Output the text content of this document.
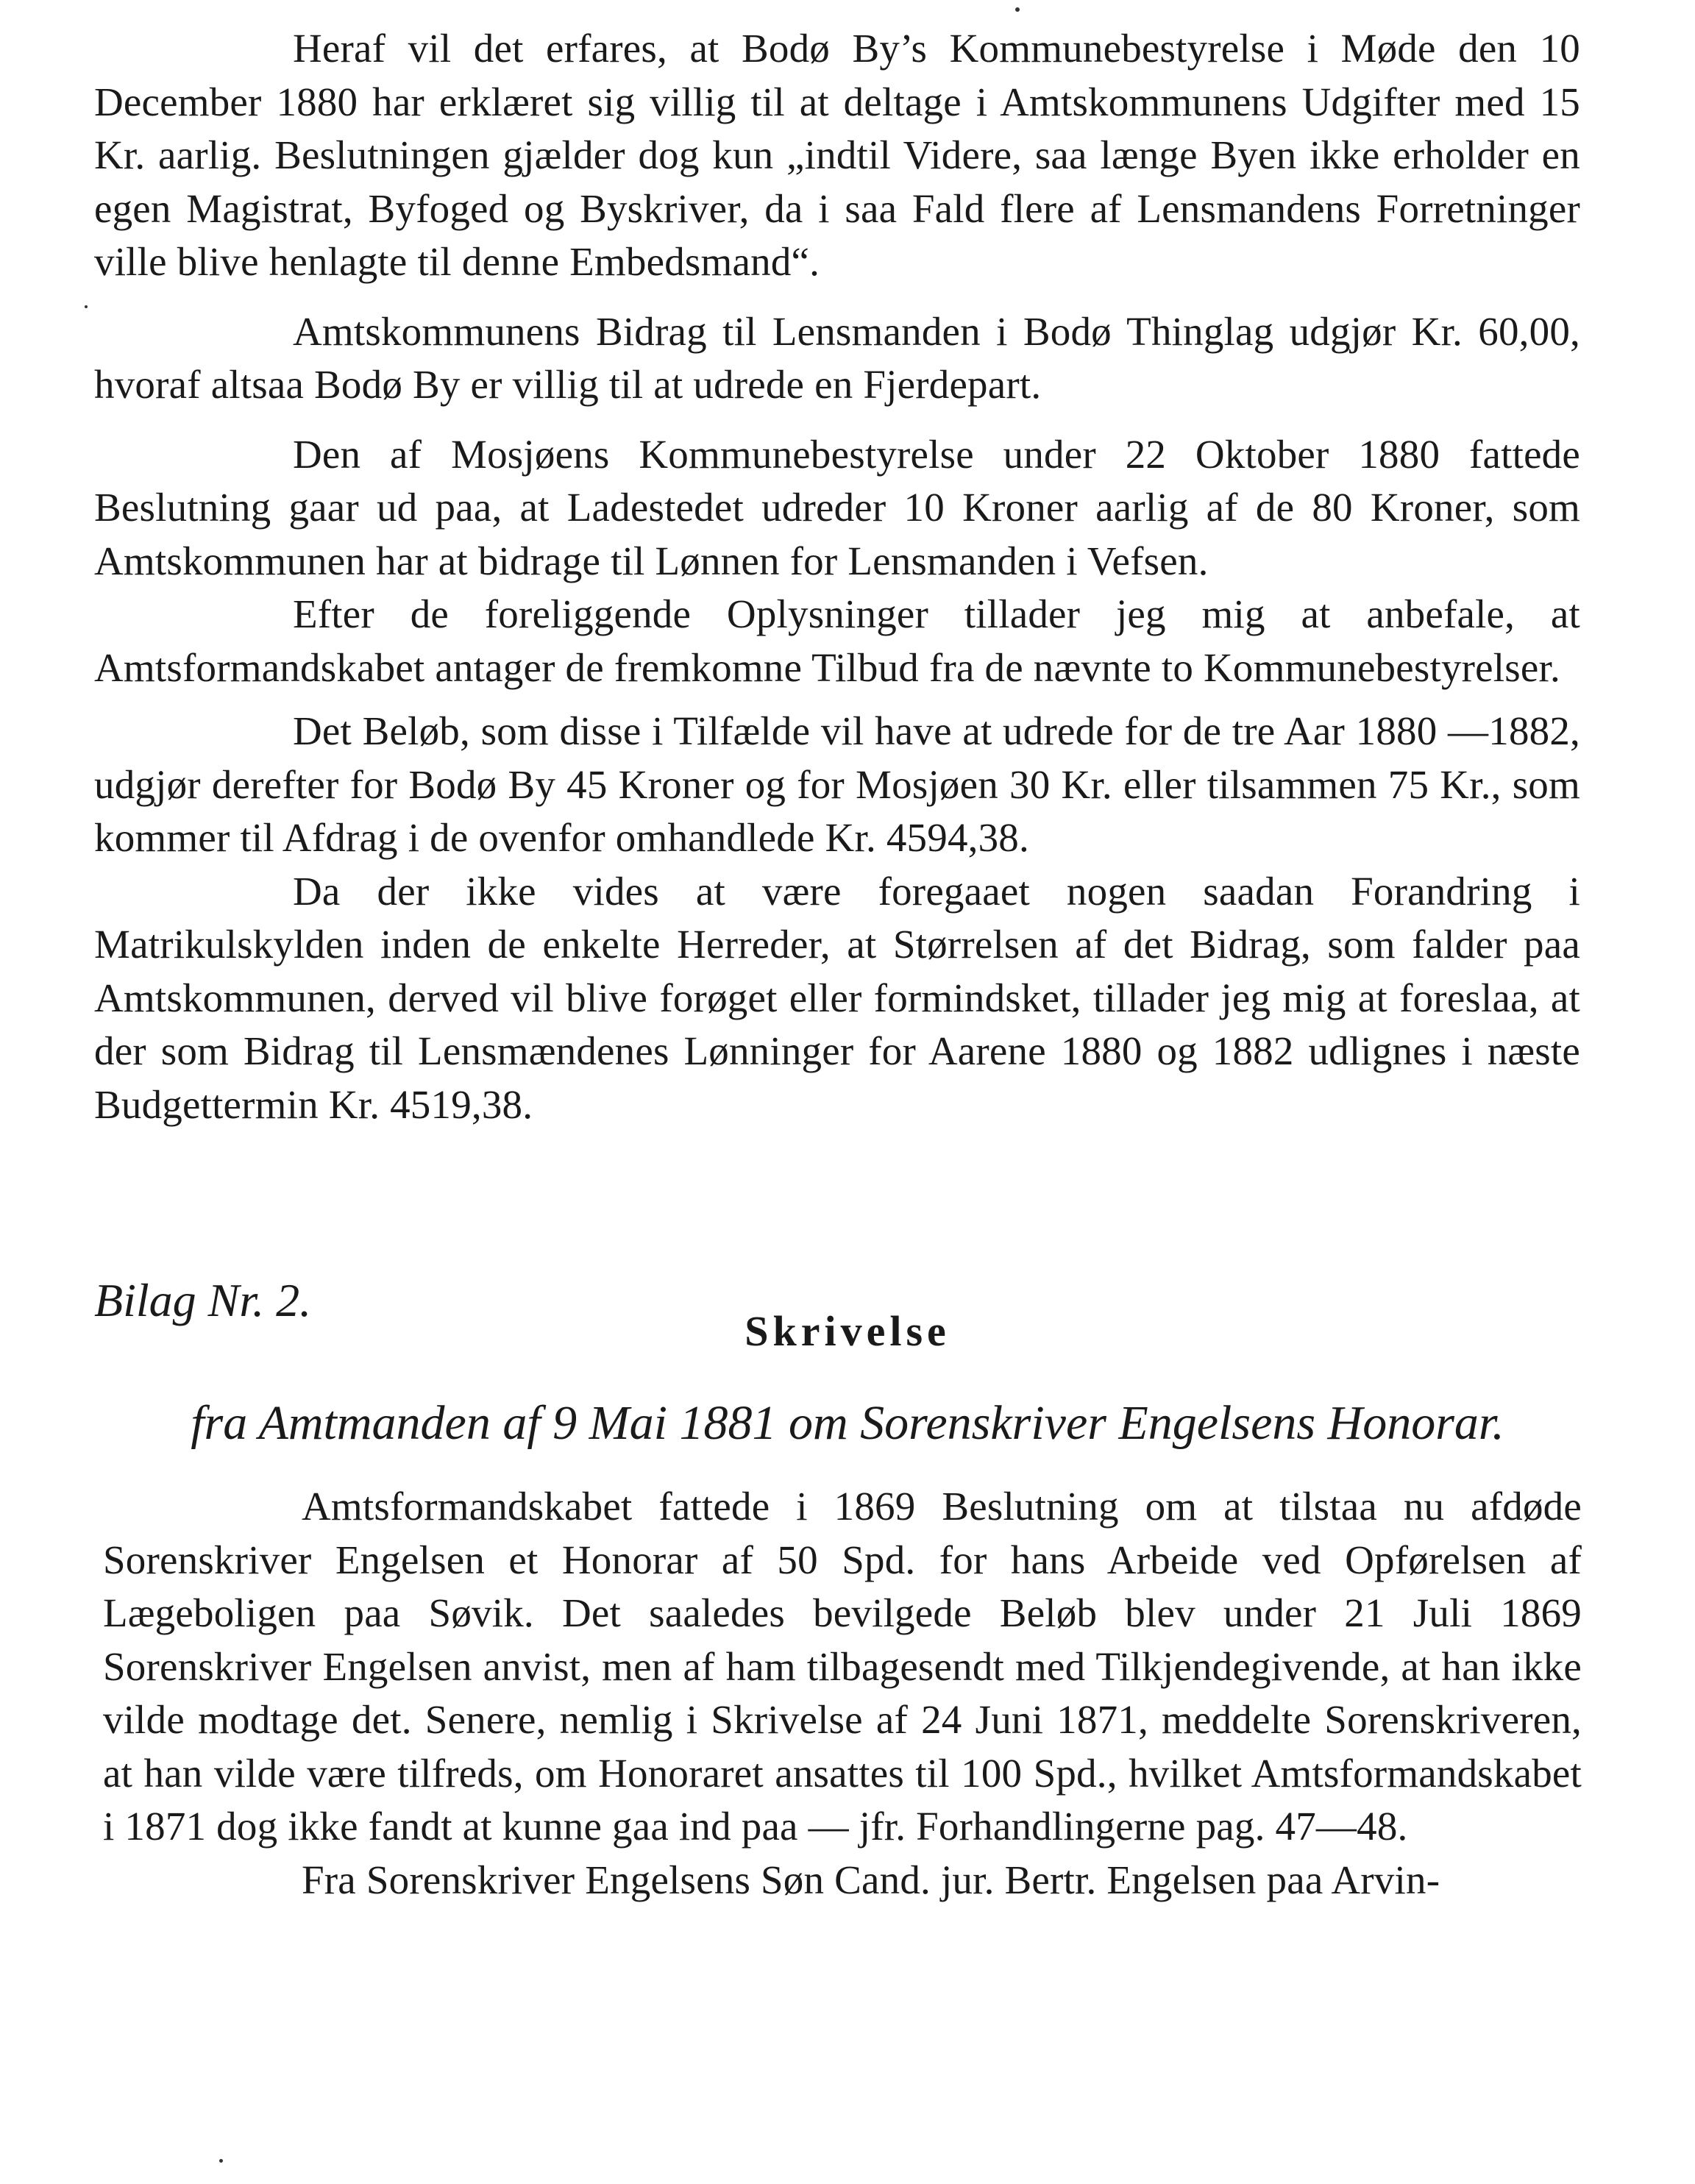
Heraf vil det erfares, at Bodø By’s Kommunebestyrelse i Møde den 10 December 1880 har erklæret sig villig til at deltage i Amtskommunens Udgifter med 15 Kr. aarlig. Beslutningen gjælder dog kun „indtil Videre, saa længe Byen ikke erholder en egen Magistrat, Byfoged og Byskriver, da i saa Fald flere af Lensmandens Forretninger ville blive henlagte til denne Embedsmand“.

Amtskommunens Bidrag til Lensmanden i Bodø Thinglag udgjør Kr. 60,00, hvoraf altsaa Bodø By er villig til at udrede en Fjerdepart.

Den af Mosjøens Kommunebestyrelse under 22 Oktober 1880 fattede Beslutning gaar ud paa, at Ladestedet udreder 10 Kroner aarlig af de 80 Kroner, som Amtskommunen har at bidrage til Lønnen for Lensmanden i Vefsen.

Efter de foreliggende Oplysninger tillader jeg mig at anbefale, at Amtsformandskabet antager de fremkomne Tilbud fra de nævnte to Kommunebestyrelser.

Det Beløb, som disse i Tilfælde vil have at udrede for de tre Aar 1880 —1882, udgjør derefter for Bodø By 45 Kroner og for Mosjøen 30 Kr. eller tilsammen 75 Kr., som kommer til Afdrag i de ovenfor omhandlede Kr. 4594,38.

Da der ikke vides at være foregaaet nogen saadan Forandring i Matrikulskylden inden de enkelte Herreder, at Størrelsen af det Bidrag, som falder paa Amtskommunen, derved vil blive forøget eller formindsket, tillader jeg mig at foreslaa, at der som Bidrag til Lensmændenes Lønninger for Aarene 1880 og 1882 udlignes i næste Budgettermin Kr. 4519,38.

Bilag Nr. 2.

Skrivelse

fra Amtmanden af 9 Mai 1881 om Sorenskriver Engelsens Honorar.

Amtsformandskabet fattede i 1869 Beslutning om at tilstaa nu afdøde Sorenskriver Engelsen et Honorar af 50 Spd. for hans Arbeide ved Opførelsen af Lægeboligen paa Søvik. Det saaledes bevilgede Beløb blev under 21 Juli 1869 Sorenskriver Engelsen anvist, men af ham tilbagesendt med Tilkjendegivende, at han ikke vilde modtage det. Senere, nemlig i Skrivelse af 24 Juni 1871, meddelte Sorenskriveren, at han vilde være tilfreds, om Honoraret ansattes til 100 Spd., hvilket Amtsformandskabet i 1871 dog ikke fandt at kunne gaa ind paa — jfr. Forhandlingerne pag. 47—48.

Fra Sorenskriver Engelsens Søn Cand. jur. Bertr. Engelsen paa Arvin-
